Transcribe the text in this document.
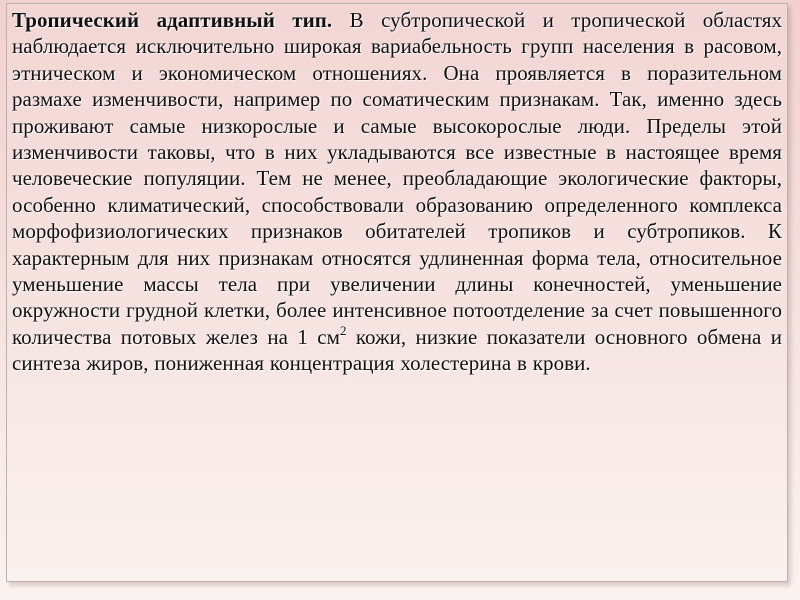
Тропический адаптивный тип. В субтропической и тропической областях наблюдается исключительно широкая вариабельность групп населения в расовом, этническом и экономическом отношениях. Она проявляется в поразительном размахе изменчивости, например по соматическим признакам. Так, именно здесь проживают самые низкорослые и самые высокорослые люди. Пределы этой изменчивости таковы, что в них укладываются все известные в настоящее время человеческие популяции. Тем не менее, преобладающие экологические факторы, особенно климатический, способствовали образованию определенного комплекса морфофизиологических признаков обитателей тропиков и субтропиков. К характерным для них признакам относятся удлиненная форма тела, относительное уменьшение массы тела при увеличении длины конечностей, уменьшение окружности грудной клетки, более интенсивное потоотделение за счет повышенного количества потовых желез на 1 $см^2$ кожи, низкие показатели основного обмена и синтеза жиров, пониженная концентрация холестерина в крови.
